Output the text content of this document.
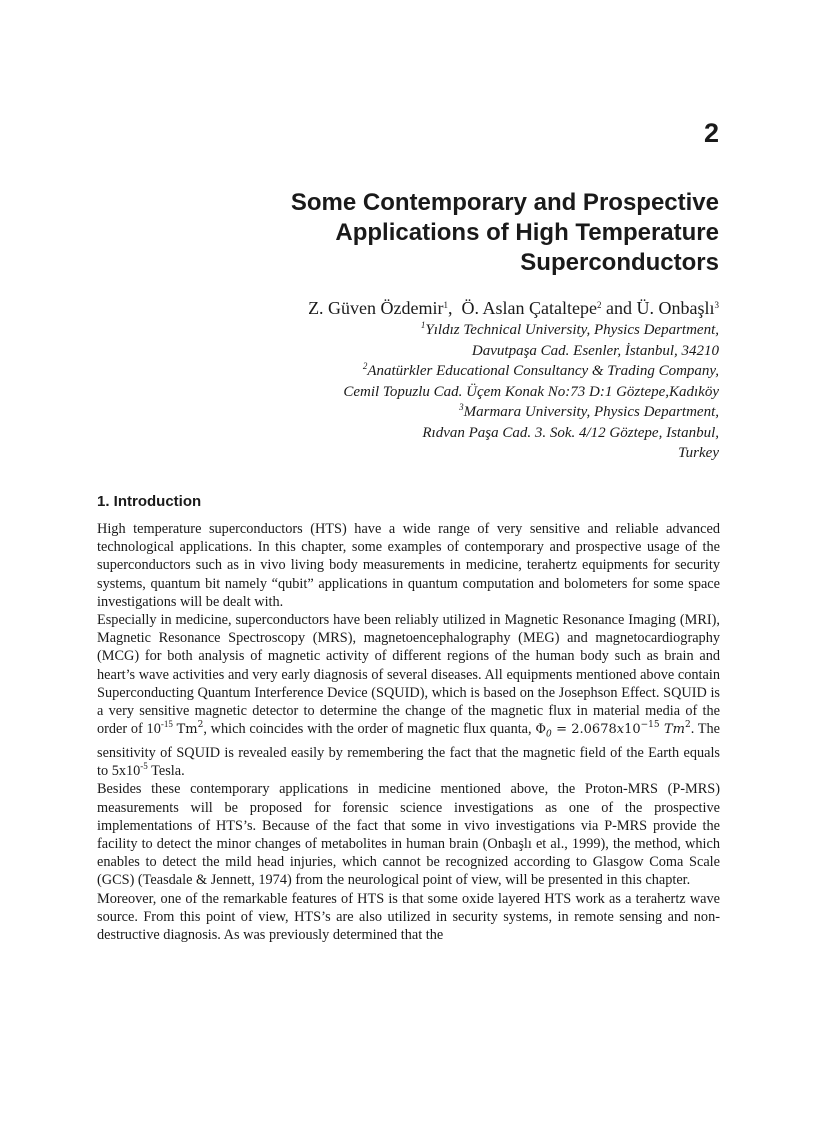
2
Some Contemporary and Prospective
Applications of High Temperature
Superconductors
Z. Güven Özdemir$^1$,  Ö. Aslan Çataltepe$^2$ and Ü. Onbaşlı$^3$
$^1$Yıldız Technical University, Physics Department,
Davutpaşa Cad. Esenler, İstanbul, 34210
$^2$Anatürkler Educational Consultancy & Trading Company,
Cemil Topuzlu Cad. Üçem Konak No:73 D:1 Göztepe,Kadıköy
$^3$Marmara University, Physics Department,
Rıdvan Paşa Cad. 3. Sok. 4/12 Göztepe, Istanbul,
Turkey
1. Introduction

High temperature superconductors (HTS) have a wide range of very sensitive and reliable advanced technological applications. In this chapter, some examples of contemporary and prospective usage of the superconductors such as in vivo living body measurements in medicine, terahertz equipments for security systems, quantum bit namely “qubit” applications in quantum computation and bolometers for some space investigations will be dealt with.

Especially in medicine, superconductors have been reliably utilized in Magnetic Resonance Imaging (MRI), Magnetic Resonance Spectroscopy (MRS), magnetoencephalography (MEG) and magnetocardiography (MCG) for both analysis of magnetic activity of different regions of the human body such as brain and heart’s wave activities and very early diagnosis of several diseases. All equipments mentioned above contain Superconducting Quantum Interference Device (SQUID), which is based on the Josephson Effect. SQUID is a very sensitive magnetic detector to determine the change of the magnetic flux in material media of the order of $10^{-15}$ Tm$^2$, which coincides with the order of magnetic flux quanta, $\Phi_0 = 2.0678x10^{-15}$ Tm$^2$. The sensitivity of SQUID is revealed easily by remembering the fact that the magnetic field of the Earth equals to $5x10^{-5}$ Tesla.

Besides these contemporary applications in medicine mentioned above, the Proton-MRS (P-MRS) measurements will be proposed for forensic science investigations as one of the prospective implementations of HTS’s. Because of the fact that some in vivo investigations via P-MRS provide the facility to detect the minor changes of metabolites in human brain (Onbaşlı et al., 1999), the method, which enables to detect the mild head injuries, which cannot be recognized according to Glasgow Coma Scale (GCS) (Teasdale & Jennett, 1974) from the neurological point of view, will be presented in this chapter.

Moreover, one of the remarkable features of HTS is that some oxide layered HTS work as a terahertz wave source. From this point of view, HTS’s are also utilized in security systems, in remote sensing and non-destructive diagnosis. As was previously determined that the
